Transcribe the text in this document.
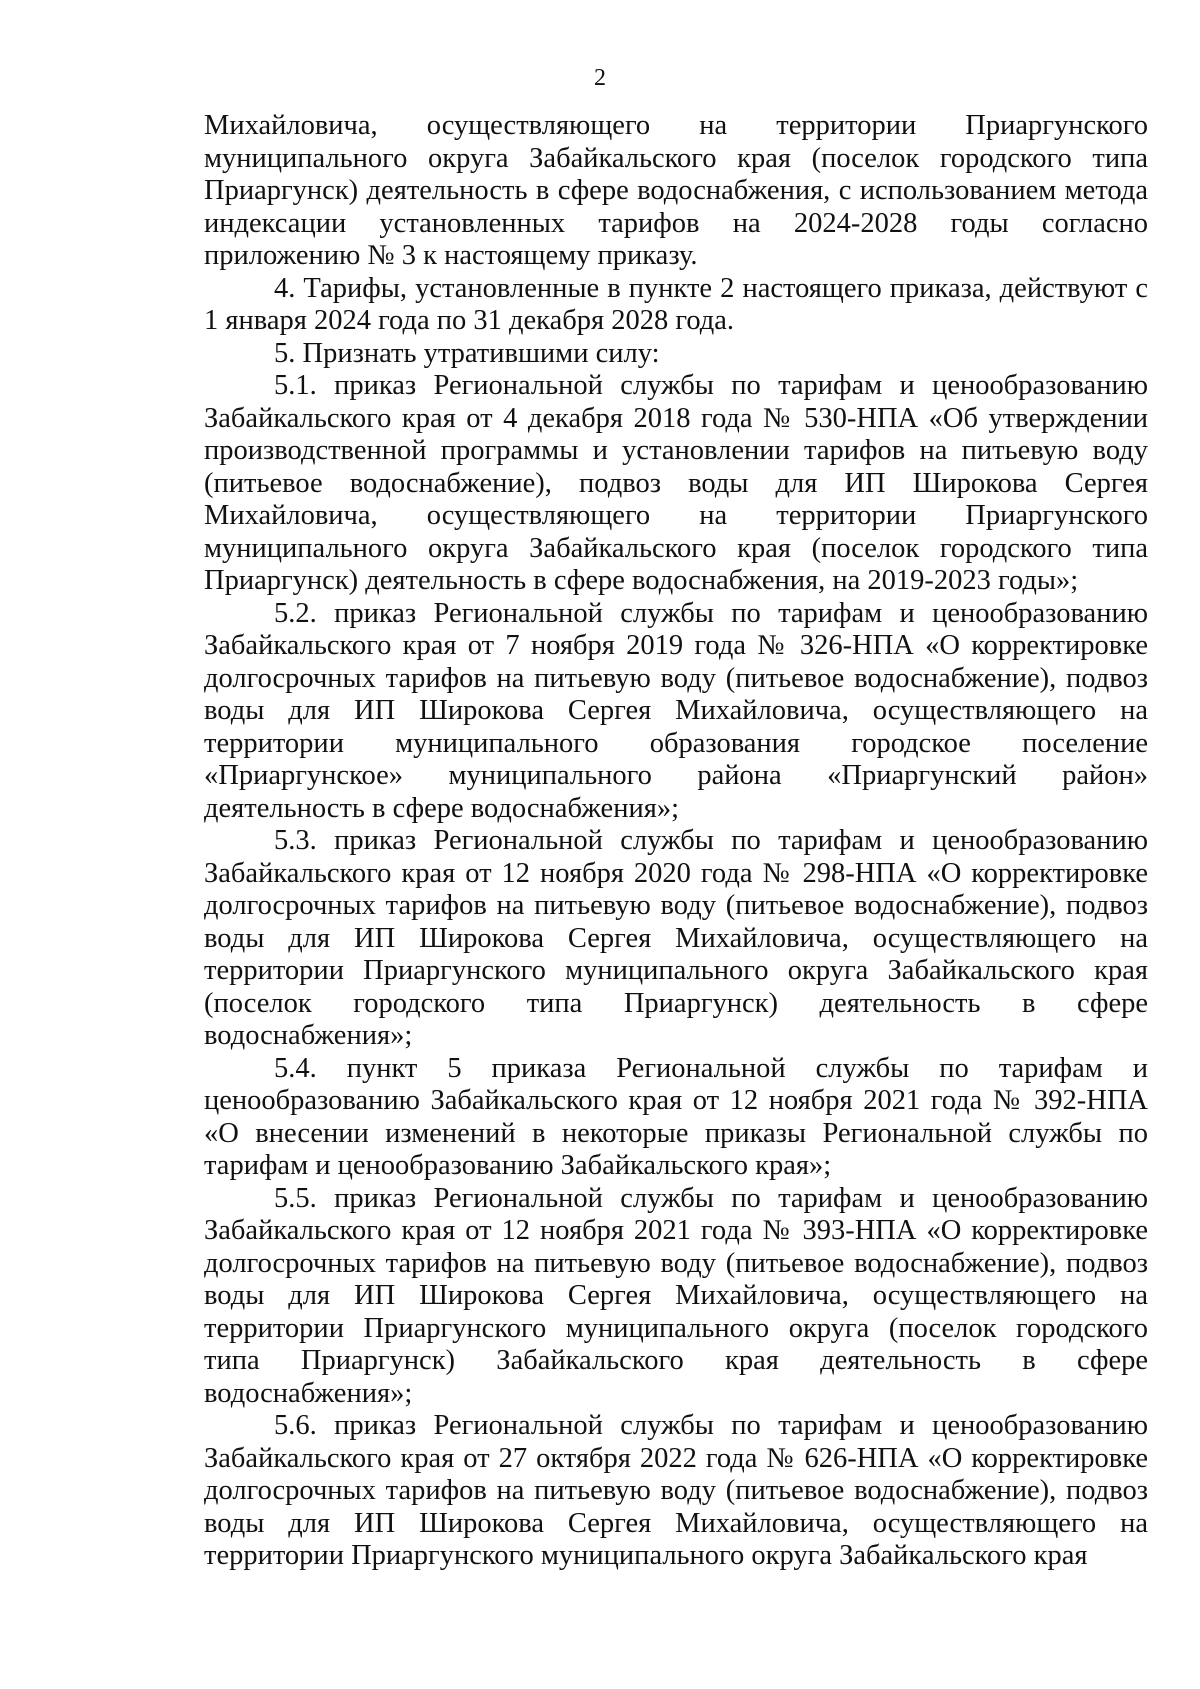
2

Михайловича, осуществляющего на территории Приаргунского муниципального округа Забайкальского края (поселок городского типа Приаргунск) деятельность в сфере водоснабжения, с использованием метода индексации установленных тарифов на 2024-2028 годы согласно приложению № 3 к настоящему приказу.

4. Тарифы, установленные в пункте 2 настоящего приказа, действуют с 1 января 2024 года по 31 декабря 2028 года.

5. Признать утратившими силу:

5.1. приказ Региональной службы по тарифам и ценообразованию Забайкальского края от 4 декабря 2018 года № 530-НПА «Об утверждении производственной программы и установлении тарифов на питьевую воду (питьевое водоснабжение), подвоз воды для ИП Широкова Сергея Михайловича, осуществляющего на территории Приаргунского муниципального округа Забайкальского края (поселок городского типа Приаргунск) деятельность в сфере водоснабжения, на 2019-2023 годы»;

5.2. приказ Региональной службы по тарифам и ценообразованию Забайкальского края от 7 ноября 2019 года № 326-НПА «О корректировке долгосрочных тарифов на питьевую воду (питьевое водоснабжение), подвоз воды для ИП Широкова Сергея Михайловича, осуществляющего на территории муниципального образования городское поселение «Приаргунское» муниципального района «Приаргунский район» деятельность в сфере водоснабжения»;

5.3. приказ Региональной службы по тарифам и ценообразованию Забайкальского края от 12 ноября 2020 года № 298-НПА «О корректировке долгосрочных тарифов на питьевую воду (питьевое водоснабжение), подвоз воды для ИП Широкова Сергея Михайловича, осуществляющего на территории Приаргунского муниципального округа Забайкальского края (поселок городского типа Приаргунск) деятельность в сфере водоснабжения»;

5.4. пункт 5 приказа Региональной службы по тарифам и ценообразованию Забайкальского края от 12 ноября 2021 года № 392-НПА «О внесении изменений в некоторые приказы Региональной службы по тарифам и ценообразованию Забайкальского края»;

5.5. приказ Региональной службы по тарифам и ценообразованию Забайкальского края от 12 ноября 2021 года № 393-НПА «О корректировке долгосрочных тарифов на питьевую воду (питьевое водоснабжение), подвоз воды для ИП Широкова Сергея Михайловича, осуществляющего на территории Приаргунского муниципального округа (поселок городского типа Приаргунск) Забайкальского края деятельность в сфере водоснабжения»;

5.6. приказ Региональной службы по тарифам и ценообразованию Забайкальского края от 27 октября 2022 года № 626-НПА «О корректировке долгосрочных тарифов на питьевую воду (питьевое водоснабжение), подвоз воды для ИП Широкова Сергея Михайловича, осуществляющего на территории Приаргунского муниципального округа Забайкальского края
